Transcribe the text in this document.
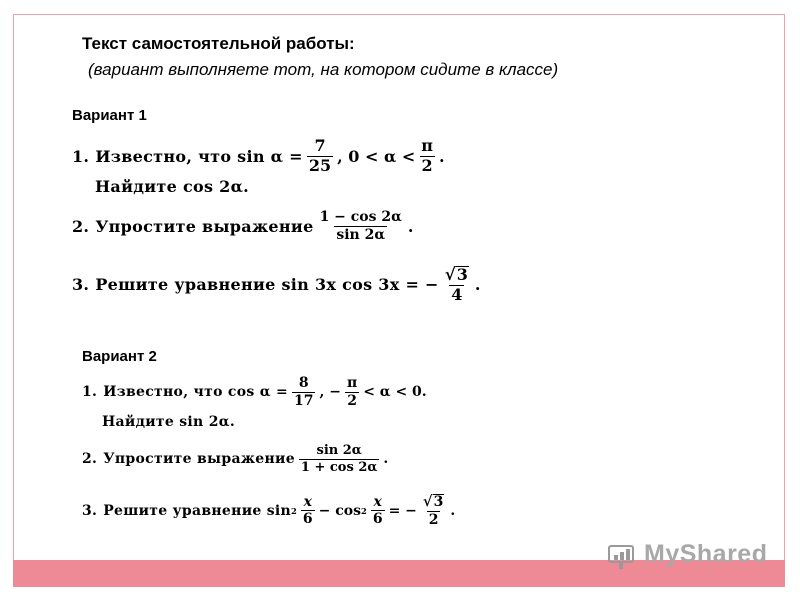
Текст самостоятельной работы:
(вариант выполняете тот, на котором сидите в классе)
Вариант 1
1. Известно, что $\sin \alpha = \frac{7}{25}$ , $0 < \alpha < \frac{\pi}{2}$ .
Найдите cos 2α.
2. Упростите выражение $\frac{1 - \cos 2\alpha}{\sin 2\alpha}$ .
3. Решите уравнение sin 3x cos 3x = − $\frac{√ 3}{4}$ .
Вариант 2
1. Известно, что $\cos \alpha = \frac{8}{17}$ , − $\frac{\pi}{2} < \alpha < 0$.
Найдите sin 2α.
2. Упростите выражение $\frac{\sin 2\alpha}{1 + \cos 2\alpha}$ .
3. Решите уравнение $\sin 2 \frac{x}{6} - \cos 2 \frac{x}{6}$ = − $\frac{√ 3}{2}$ .
MyShared
